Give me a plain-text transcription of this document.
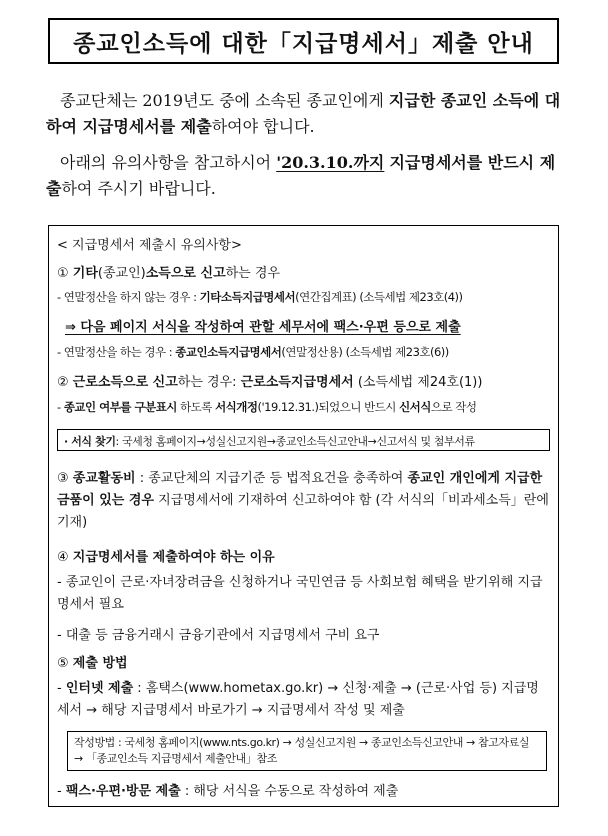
종교인소득에 대한「지급명세서」제출 안내

종교단체는 2019년도 중에 소속된 종교인에게 지급한 종교인 소득에 대하여 지급명세서를 제출하여야 합니다.

아래의 유의사항을 참고하시어 '20.3.10.까지 지급명세서를 반드시 제출하여 주시기 바랍니다.

< 지급명세서 제출시 유의사항>
① 기타(종교인)소득으로 신고하는 경우
- 연말정산을 하지 않는 경우 : 기타소득지급명세서(연간집계표) (소득세법 제23호(4))
⇒ 다음 페이지 서식을 작성하여 관할 세무서에 팩스·우편 등으로 제출
- 연말정산을 하는 경우 : 종교인소득지급명세서(연말정산용) (소득세법 제23호(6))
② 근로소득으로 신고하는 경우: 근로소득지급명세서 (소득세법 제24호(1))
- 종교인 여부를 구분표시 하도록 서식개정('19.12.31.)되었으니 반드시 신서식으로 작성
· 서식 찾기: 국세청 홈페이지→성실신고지원→종교인소득신고안내→신고서식 및 첨부서류
③ 종교활동비 : 종교단체의 지급기준 등 법적요건을 충족하여 종교인 개인에게 지급한 금품이 있는 경우 지급명세서에 기재하여 신고하여야 함 (각 서식의「비과세소득」란에 기재)
④ 지급명세서를 제출하여야 하는 이유
- 종교인이 근로·자녀장려금을 신청하거나 국민연금 등 사회보험 혜택을 받기위해 지급명세서 필요
- 대출 등 금융거래시 금융기관에서 지급명세서 구비 요구
⑤ 제출 방법
- 인터넷 제출 : 홈택스(www.hometax.go.kr) → 신청·제출 → (근로·사업 등) 지급명세서 → 해당 지급명세서 바로가기 → 지급명세서 작성 및 제출
작성방법 : 국세청 홈페이지(www.nts.go.kr) → 성실신고지원 → 종교인소득신고안내 → 참고자료실 → 「종교인소득 지급명세서 제출안내」참조
- 팩스·우편·방문 제출 : 해당 서식을 수동으로 작성하여 제출
